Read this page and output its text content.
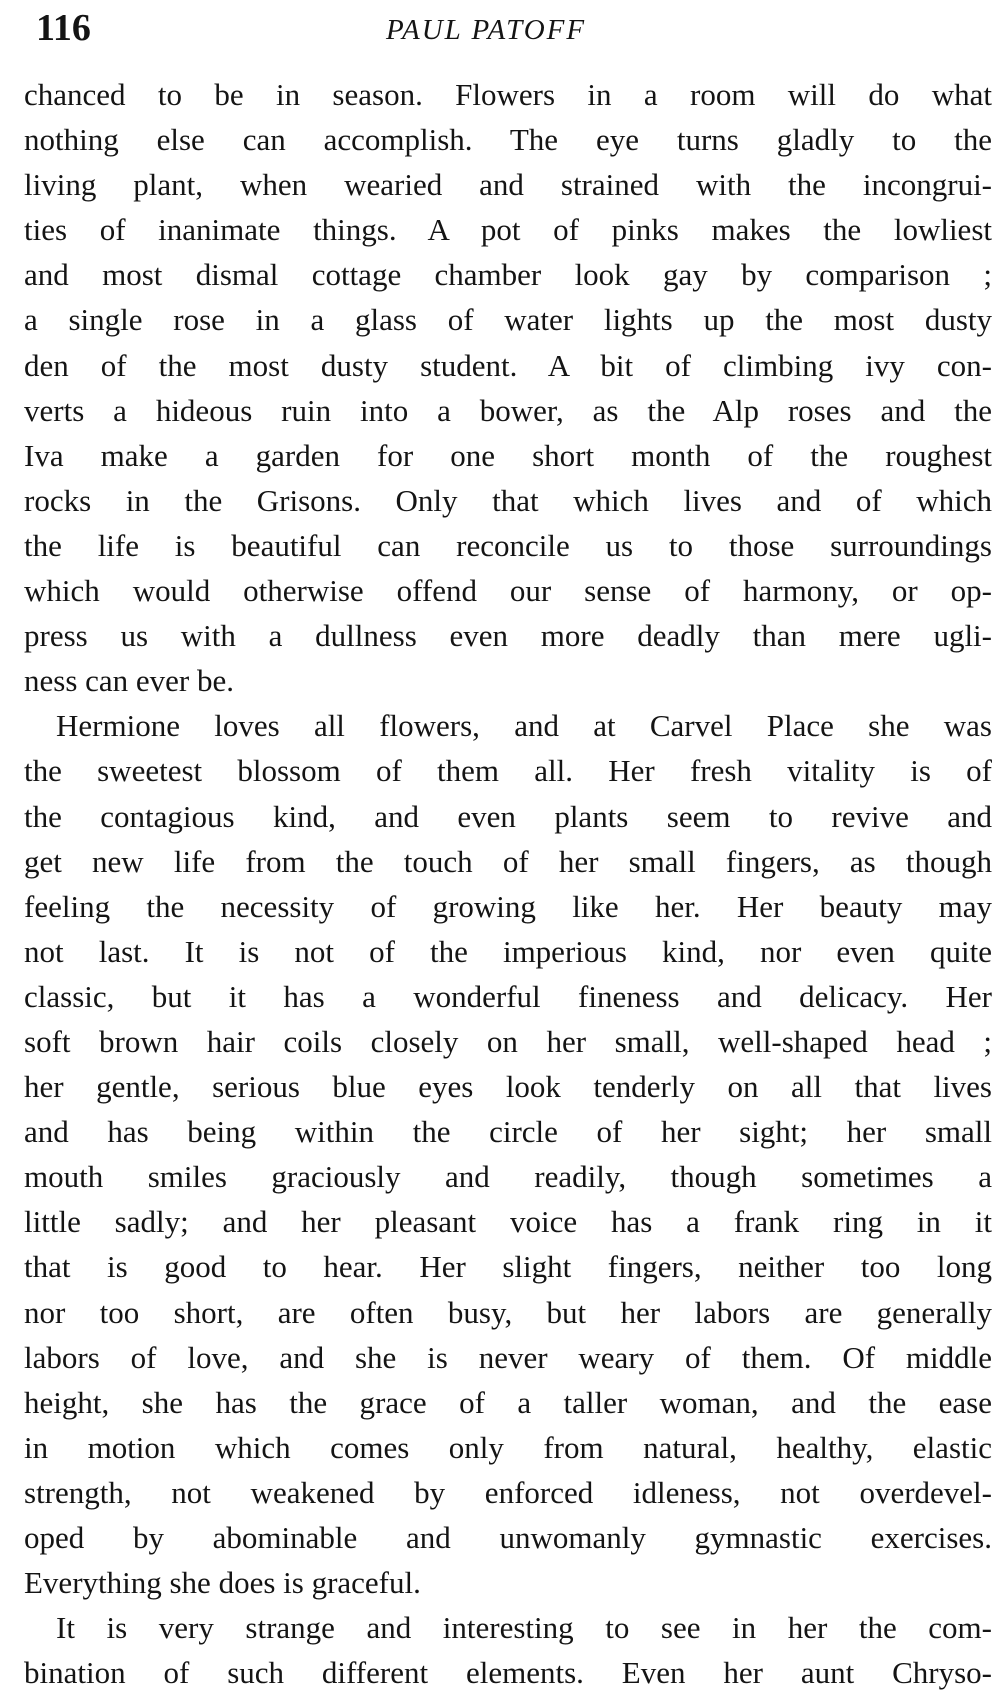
116	PAUL PATOFF
chanced to be in season. Flowers in a room will do what
nothing else can accomplish. The eye turns gladly to the
living plant, when wearied and strained with the incongrui-
ties of inanimate things. A pot of pinks makes the lowliest
and most dismal cottage chamber look gay by comparison ;
a single rose in a glass of water lights up the most dusty
den of the most dusty student. A bit of climbing ivy con-
verts a hideous ruin into a bower, as the Alp roses and the
Iva make a garden for one short month of the roughest
rocks in the Grisons. Only that which lives and of which
the life is beautiful can reconcile us to those surroundings
which would otherwise offend our sense of harmony, or op-
press us with a dullness even more deadly than mere ugli-
ness can ever be.
Hermione loves all flowers, and at Carvel Place she was
the sweetest blossom of them all. Her fresh vitality is of
the contagious kind, and even plants seem to revive and
get new life from the touch of her small fingers, as though
feeling the necessity of growing like her. Her beauty may
not last. It is not of the imperious kind, nor even quite
classic, but it has a wonderful fineness and delicacy. Her
soft brown hair coils closely on her small, well-shaped head ;
her gentle, serious blue eyes look tenderly on all that lives
and has being within the circle of her sight; her small
mouth smiles graciously and readily, though sometimes a
little sadly; and her pleasant voice has a frank ring in it
that is good to hear. Her slight fingers, neither too long
nor too short, are often busy, but her labors are generally
labors of love, and she is never weary of them. Of middle
height, she has the grace of a taller woman, and the ease
in motion which comes only from natural, healthy, elastic
strength, not weakened by enforced idleness, not overdevel-
oped by abominable and unwomanly gymnastic exercises.
Everything she does is graceful.
It is very strange and interesting to see in her the com-
bination of such different elements. Even her aunt Chryso-
